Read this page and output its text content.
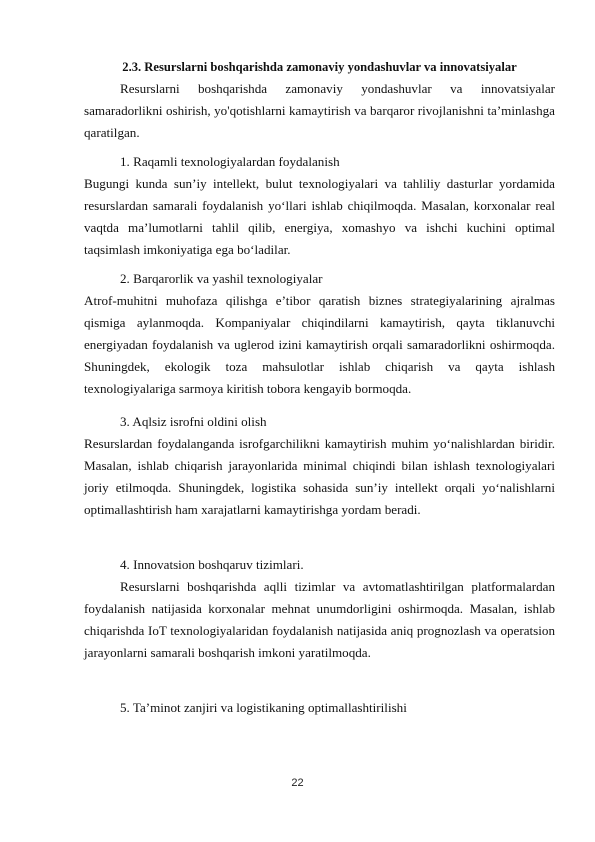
2.3. Resurslarni boshqarishda zamonaviy yondashuvlar va innovatsiyalar

Resurslarni boshqarishda zamonaviy yondashuvlar va innovatsiyalar samaradorlikni oshirish, yo'qotishlarni kamaytirish va barqaror rivojlanishni ta’minlashga qaratilgan.

1. Raqamli texnologiyalardan foydalanish

Bugungi kunda sun’iy intellekt, bulut texnologiyalari va tahliliy dasturlar yordamida resurslardan samarali foydalanish yo‘llari ishlab chiqilmoqda. Masalan, korxonalar real vaqtda ma’lumotlarni tahlil qilib, energiya, xomashyo va ishchi kuchini optimal taqsimlash imkoniyatiga ega bo‘ladilar.

2. Barqarorlik va yashil texnologiyalar

Atrof-muhitni muhofaza qilishga e’tibor qaratish biznes strategiyalarining ajralmas qismiga aylanmoqda. Kompaniyalar chiqindilarni kamaytirish, qayta tiklanuvchi energiyadan foydalanish va uglerod izini kamaytirish orqali samaradorlikni oshirmoqda. Shuningdek, ekologik toza mahsulotlar ishlab chiqarish va qayta ishlash texnologiyalariga sarmoya kiritish tobora kengayib bormoqda.

3. Aqlsiz isrofni oldini olish

Resurslardan foydalanganda isrofgarchilikni kamaytirish muhim yo‘nalishlardan biridir. Masalan, ishlab chiqarish jarayonlarida minimal chiqindi bilan ishlash texnologiyalari joriy etilmoqda. Shuningdek, logistika sohasida sun’iy intellekt orqali yo‘nalishlarni optimallashtirish ham xarajatlarni kamaytirishga yordam beradi.

4. Innovatsion boshqaruv tizimlari.

Resurslarni boshqarishda aqlli tizimlar va avtomatlashtirilgan platformalardan foydalanish natijasida korxonalar mehnat unumdorligini oshirmoqda. Masalan, ishlab chiqarishda IoT texnologiyalaridan foydalanish natijasida aniq prognozlash va operatsion jarayonlarni samarali boshqarish imkoni yaratilmoqda.

5. Ta’minot zanjiri va logistikaning optimallashtirilishi

22
